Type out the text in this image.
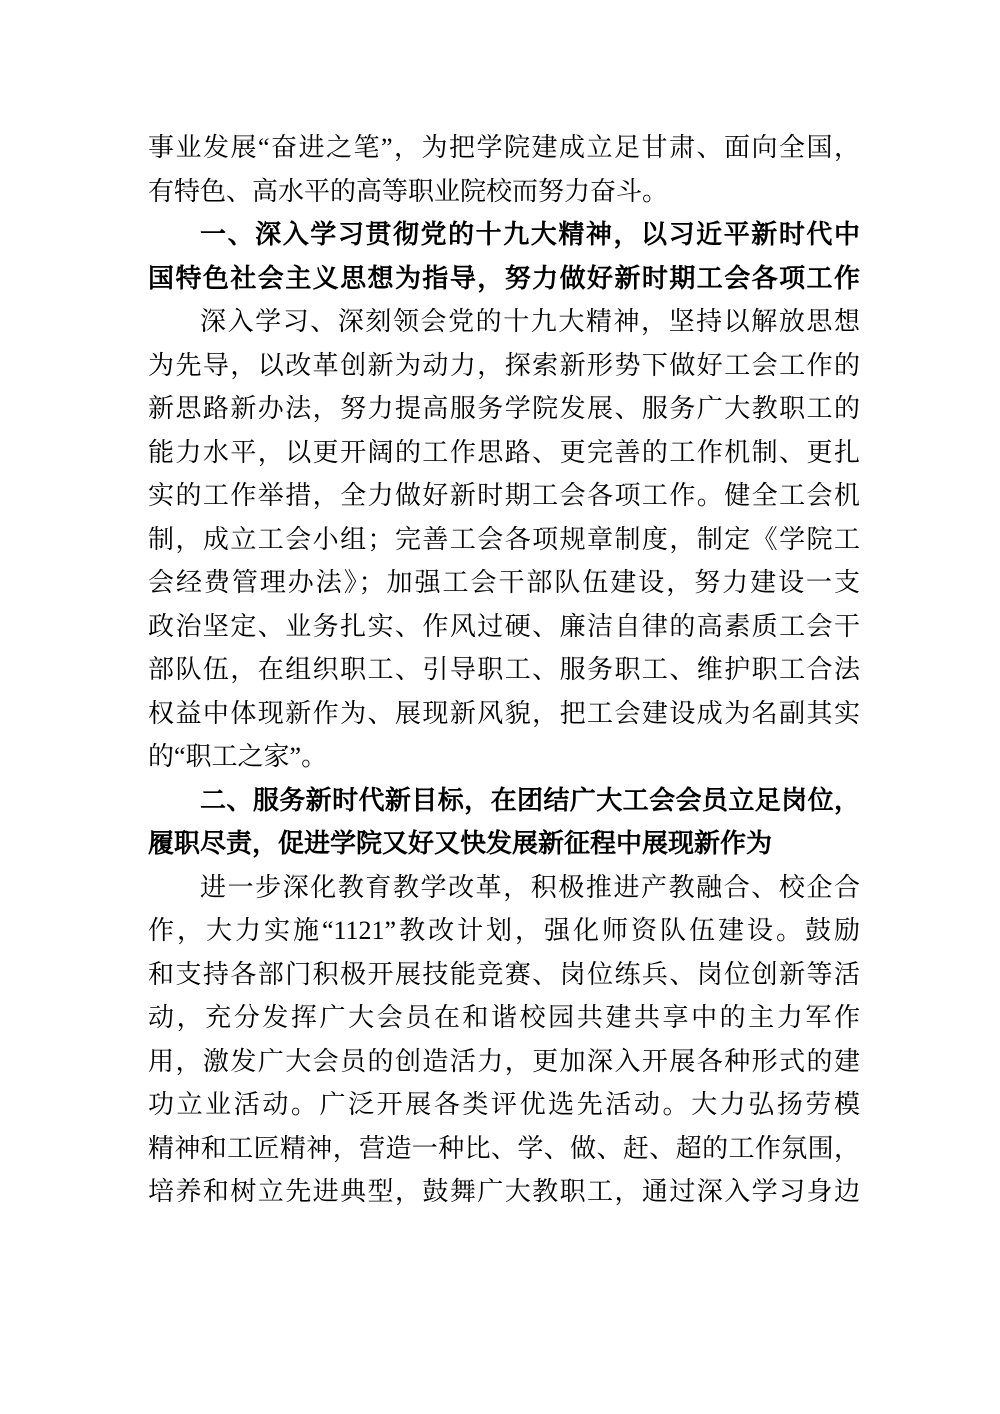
事业发展“奋进之笔”，为把学院建成立足甘肃、面向全国，
有特色、高水平的高等职业院校而努力奋斗。
一、深入学习贯彻党的十九大精神，以习近平新时代中
国特色社会主义思想为指导，努力做好新时期工会各项工作
深入学习、深刻领会党的十九大精神，坚持以解放思想
为先导，以改革创新为动力，探索新形势下做好工会工作的
新思路新办法，努力提高服务学院发展、服务广大教职工的
能力水平，以更开阔的工作思路、更完善的工作机制、更扎
实的工作举措，全力做好新时期工会各项工作。健全工会机
制，成立工会小组；完善工会各项规章制度，制定《学院工
会经费管理办法》；加强工会干部队伍建设，努力建设一支
政治坚定、业务扎实、作风过硬、廉洁自律的高素质工会干
部队伍，在组织职工、引导职工、服务职工、维护职工合法
权益中体现新作为、展现新风貌，把工会建设成为名副其实
的“职工之家”。
二、服务新时代新目标，在团结广大工会会员立足岗位，
履职尽责，促进学院又好又快发展新征程中展现新作为
进一步深化教育教学改革，积极推进产教融合、校企合
作，大力实施“1121”教改计划，强化师资队伍建设。鼓励
和支持各部门积极开展技能竞赛、岗位练兵、岗位创新等活
动，充分发挥广大会员在和谐校园共建共享中的主力军作
用，激发广大会员的创造活力，更加深入开展各种形式的建
功立业活动。广泛开展各类评优选先活动。大力弘扬劳模
精神和工匠精神，营造一种比、学、做、赶、超的工作氛围，
培养和树立先进典型，鼓舞广大教职工，通过深入学习身边
